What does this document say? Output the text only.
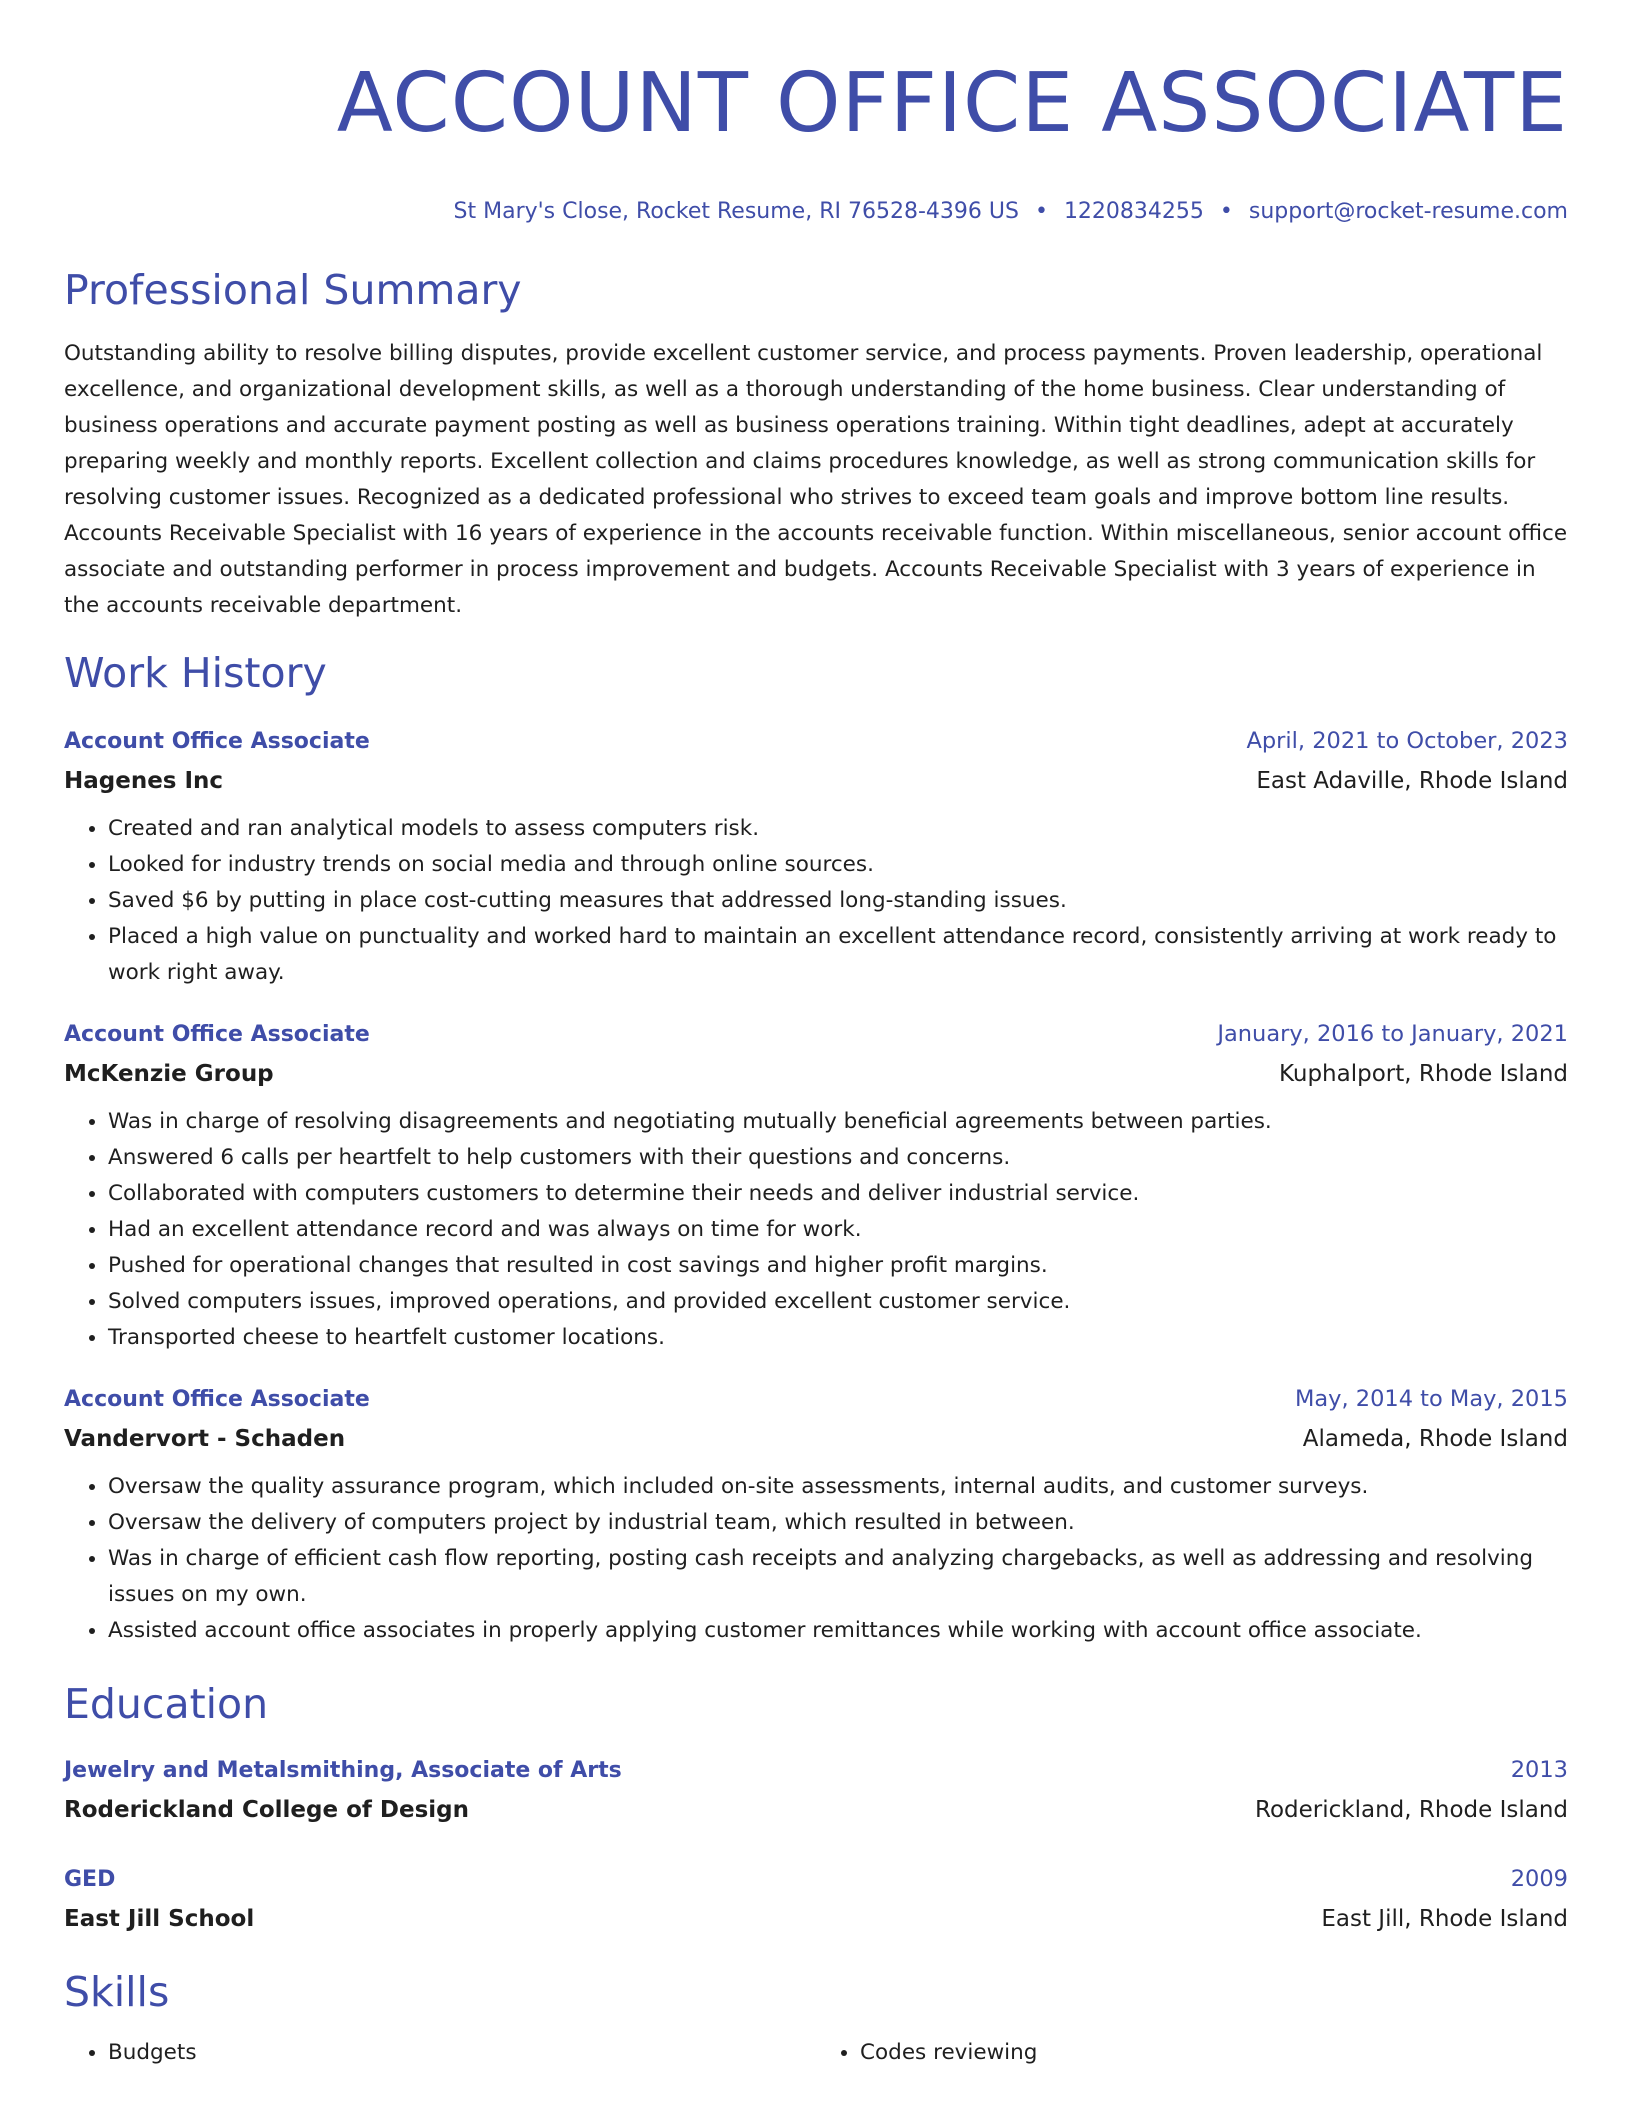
ACCOUNT OFFICE ASSOCIATE
St Mary's Close, Rocket Resume, RI 76528-4396 US • 1220834255 • support@rocket-resume.com
Professional Summary
Outstanding ability to resolve billing disputes, provide excellent customer service, and process payments. Proven leadership, operational excellence, and organizational development skills, as well as a thorough understanding of the home business. Clear understanding of business operations and accurate payment posting as well as business operations training. Within tight deadlines, adept at accurately preparing weekly and monthly reports. Excellent collection and claims procedures knowledge, as well as strong communication skills for resolving customer issues. Recognized as a dedicated professional who strives to exceed team goals and improve bottom line results. Accounts Receivable Specialist with 16 years of experience in the accounts receivable function. Within miscellaneous, senior account office associate and outstanding performer in process improvement and budgets. Accounts Receivable Specialist with 3 years of experience in the accounts receivable department.
Work History
Account Office Associate	April, 2021 to October, 2023
Hagenes Inc	East Adaville, Rhode Island
• Created and ran analytical models to assess computers risk.
• Looked for industry trends on social media and through online sources.
• Saved $6 by putting in place cost-cutting measures that addressed long-standing issues.
• Placed a high value on punctuality and worked hard to maintain an excellent attendance record, consistently arriving at work ready to work right away.
Account Office Associate	January, 2016 to January, 2021
McKenzie Group	Kuphalport, Rhode Island
• Was in charge of resolving disagreements and negotiating mutually beneficial agreements between parties.
• Answered 6 calls per heartfelt to help customers with their questions and concerns.
• Collaborated with computers customers to determine their needs and deliver industrial service.
• Had an excellent attendance record and was always on time for work.
• Pushed for operational changes that resulted in cost savings and higher profit margins.
• Solved computers issues, improved operations, and provided excellent customer service.
• Transported cheese to heartfelt customer locations.
Account Office Associate	May, 2014 to May, 2015
Vandervort - Schaden	Alameda, Rhode Island
• Oversaw the quality assurance program, which included on-site assessments, internal audits, and customer surveys.
• Oversaw the delivery of computers project by industrial team, which resulted in between.
• Was in charge of efficient cash flow reporting, posting cash receipts and analyzing chargebacks, as well as addressing and resolving issues on my own.
• Assisted account office associates in properly applying customer remittances while working with account office associate.
Education
Jewelry and Metalsmithing, Associate of Arts	2013
Roderickland College of Design	Roderickland, Rhode Island
GED	2009
East Jill School	East Jill, Rhode Island
Skills
• Budgets
•	Codes reviewing
